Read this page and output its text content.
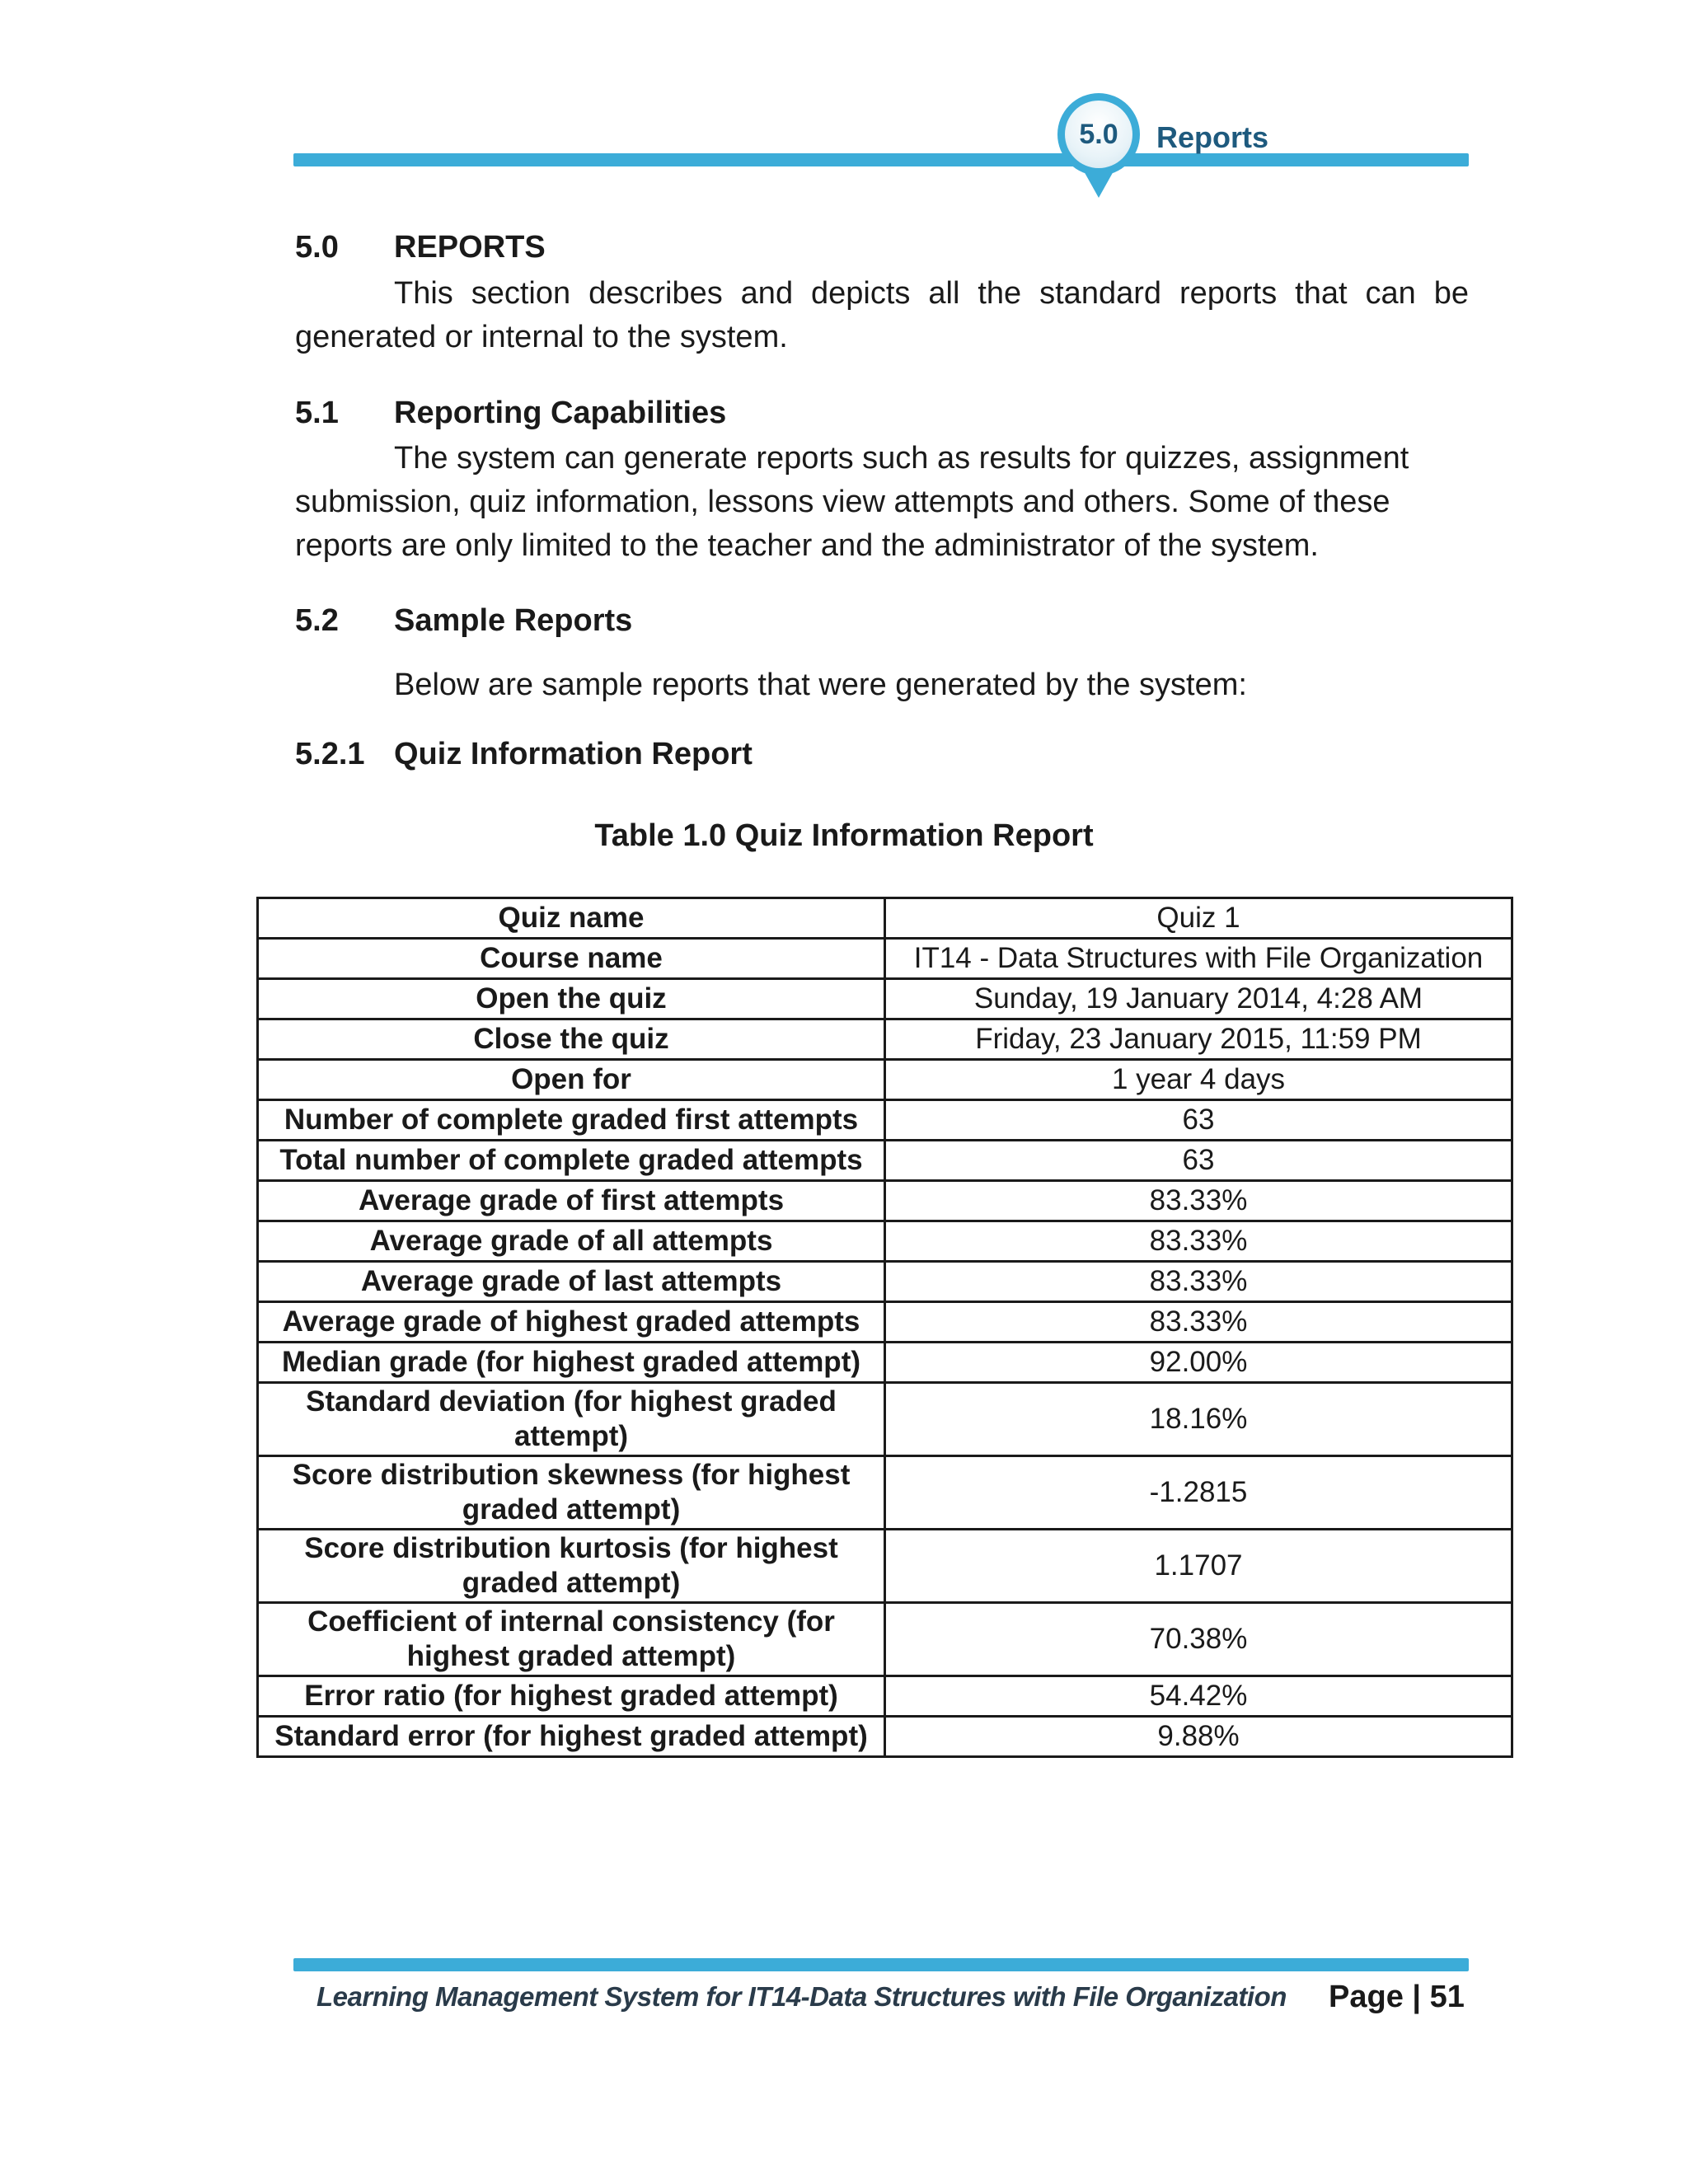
5.0 Reports
5.0 REPORTS
This section describes and depicts all the standard reports that can be
generated or internal to the system.
5.1 Reporting Capabilities
The system can generate reports such as results for quizzes, assignment
submission, quiz information, lessons view attempts and others. Some of these
reports are only limited to the teacher and the administrator of the system.
5.2 Sample Reports
Below are sample reports that were generated by the system:
5.2.1 Quiz Information Report
Table 1.0 Quiz Information Report
Quiz name	Quiz 1
Course name	IT14 - Data Structures with File Organization
Open the quiz	Sunday, 19 January 2014, 4:28 AM
Close the quiz	Friday, 23 January 2015, 11:59 PM
Open for	1 year 4 days
Number of complete graded first attempts	63
Total number of complete graded attempts	63
Average grade of first attempts	83.33%
Average grade of all attempts	83.33%
Average grade of last attempts	83.33%
Average grade of highest graded attempts	83.33%
Median grade (for highest graded attempt)	92.00%
Standard deviation (for highest graded attempt)	18.16%
Score distribution skewness (for highest graded attempt)	-1.2815
Score distribution kurtosis (for highest graded attempt)	1.1707
Coefficient of internal consistency (for highest graded attempt)	70.38%
Error ratio (for highest graded attempt)	54.42%
Standard error (for highest graded attempt)	9.88%
Learning Management System for IT14-Data Structures with File Organization Page | 51
